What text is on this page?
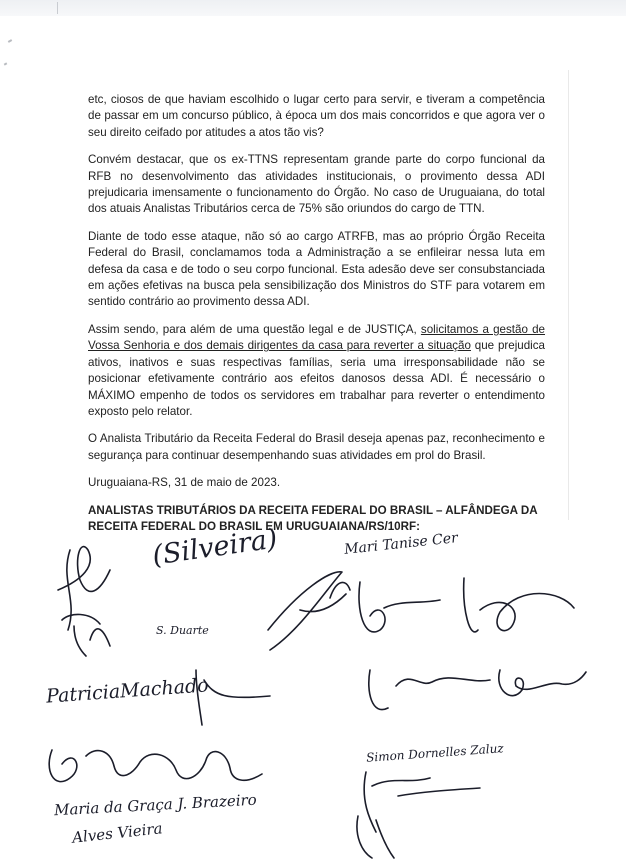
etc, ciosos de que haviam escolhido o lugar certo para servir, e tiveram a competência de passar em um concurso público, à época um dos mais concorridos e que agora ver o seu direito ceifado por atitudes a atos tão vis?

Convém destacar, que os ex-TTNS representam grande parte do corpo funcional da RFB no desenvolvimento das atividades institucionais, o provimento dessa ADI prejudicaria imensamente o funcionamento do Órgão. No caso de Uruguaiana, do total dos atuais Analistas Tributários cerca de 75% são oriundos do cargo de TTN.

Diante de todo esse ataque, não só ao cargo ATRFB, mas ao próprio Órgão Receita Federal do Brasil, conclamamos toda a Administração a se enfileirar nessa luta em defesa da casa e de todo o seu corpo funcional. Esta adesão deve ser consubstanciada em ações efetivas na busca pela sensibilização dos Ministros do STF para votarem em sentido contrário ao provimento dessa ADI.

Assim sendo, para além de uma questão legal e de JUSTIÇA, solicitamos a gestão de Vossa Senhoria e dos demais dirigentes da casa para reverter a situação que prejudica ativos, inativos e suas respectivas famílias, seria uma irresponsabilidade não se posicionar efetivamente contrário aos efeitos danosos dessa ADI. É necessário o MÁXIMO empenho de todos os servidores em trabalhar para reverter o entendimento exposto pelo relator.

O Analista Tributário da Receita Federal do Brasil deseja apenas paz, reconhecimento e segurança para continuar desempenhando suas atividades em prol do Brasil.

Uruguaiana-RS, 31 de maio de 2023.

ANALISTAS TRIBUTÁRIOS DA RECEITA FEDERAL DO BRASIL – ALFÂNDEGA DA RECEITA FEDERAL DO BRASIL EM URUGUAIANA/RS/10RF:
(Silveira)
S. Duarte
PatriciaMachado
Mari Tanise Cer
Simon Dornelles Zaluz
Maria da Graça J. Brazeiro
Alves Vieira
